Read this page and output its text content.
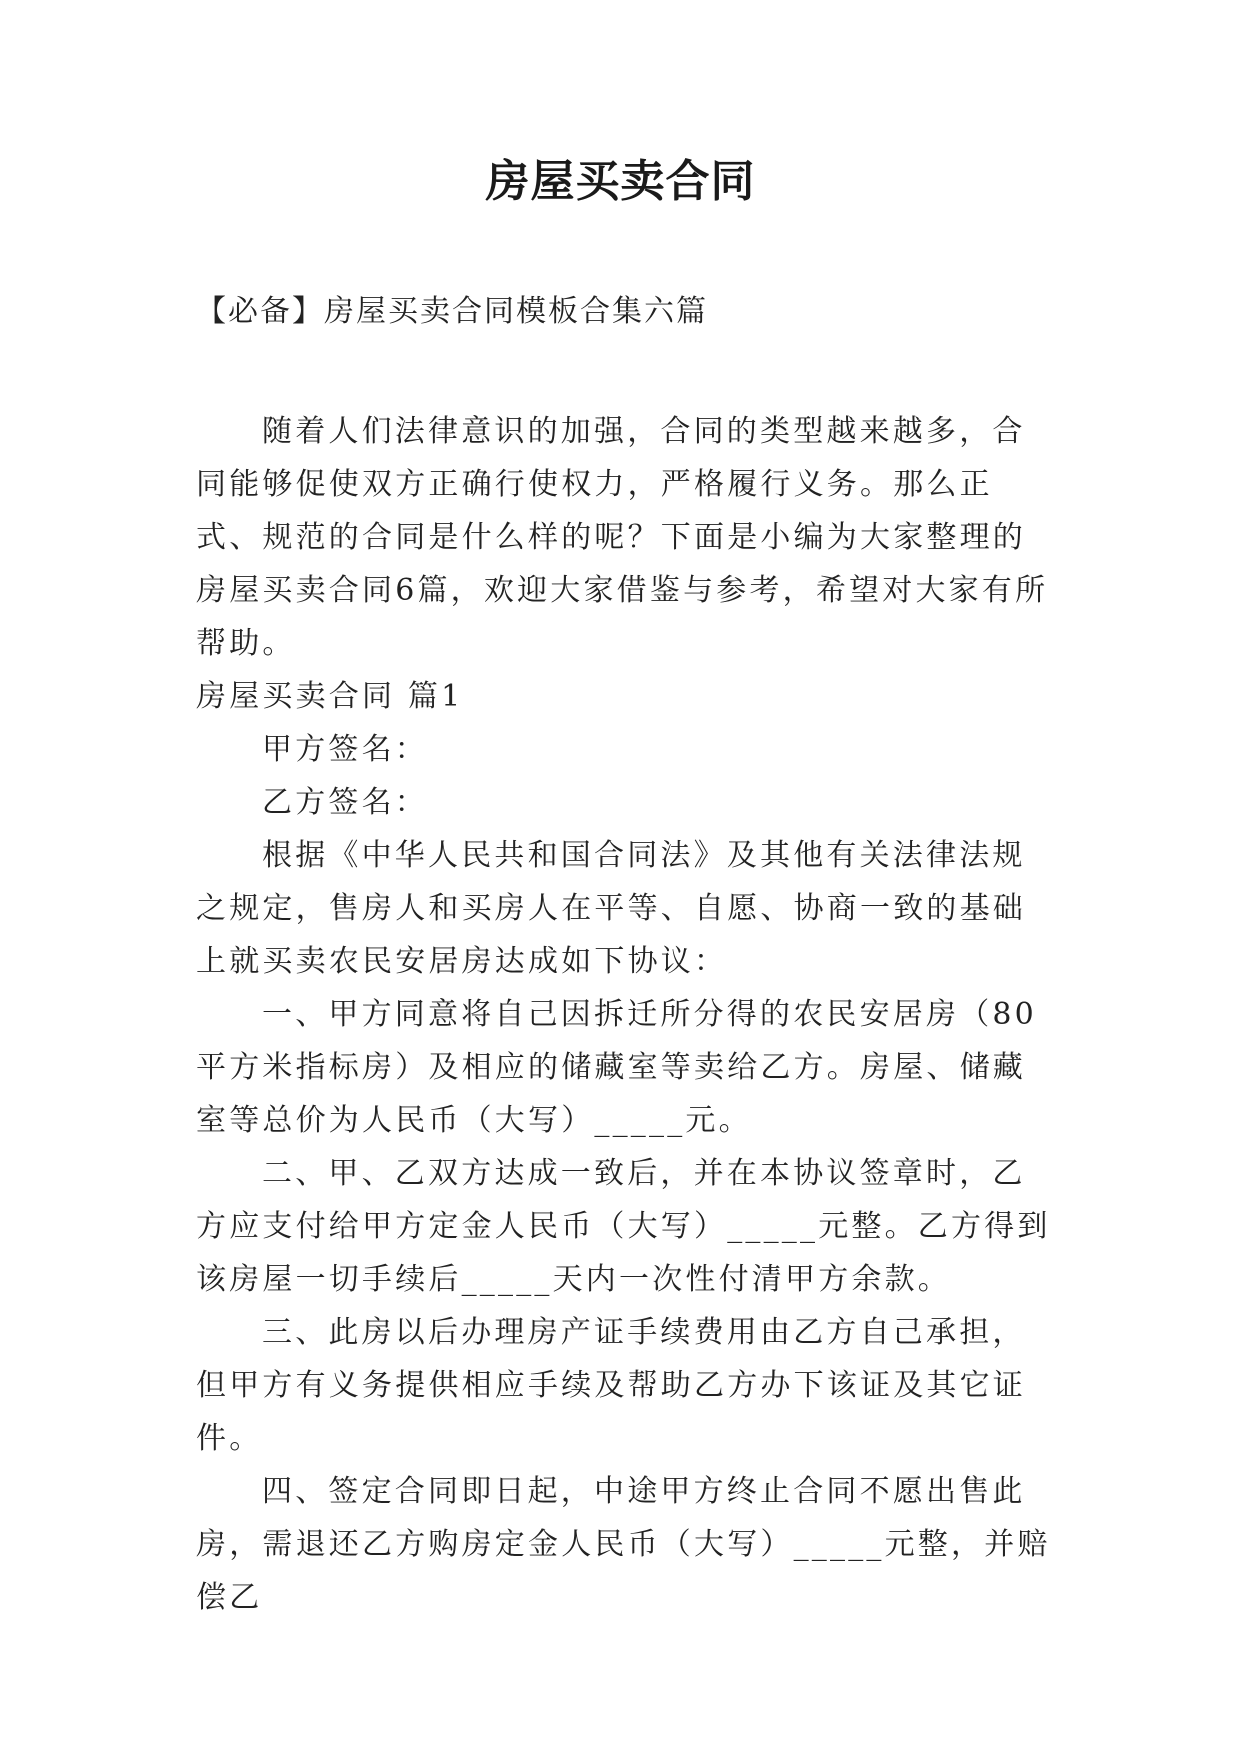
房屋买卖合同
【必备】房屋买卖合同模板合集六篇

随着人们法律意识的加强，合同的类型越来越多，合同能够促使双方正确行使权力，严格履行义务。那么正式、规范的合同是什么样的呢？下面是小编为大家整理的房屋买卖合同6篇，欢迎大家借鉴与参考，希望对大家有所帮助。

房屋买卖合同 篇1

甲方签名：

乙方签名：

根据《中华人民共和国合同法》及其他有关法律法规之规定，售房人和买房人在平等、自愿、协商一致的基础上就买卖农民安居房达成如下协议：

一、甲方同意将自己因拆迁所分得的农民安居房（80平方米指标房）及相应的储藏室等卖给乙方。房屋、储藏室等总价为人民币（大写）_____元。

二、甲、乙双方达成一致后，并在本协议签章时，乙方应支付给甲方定金人民币（大写）_____元整。乙方得到该房屋一切手续后_____天内一次性付清甲方余款。

三、此房以后办理房产证手续费用由乙方自己承担，但甲方有义务提供相应手续及帮助乙方办下该证及其它证件。

四、签定合同即日起，中途甲方终止合同不愿出售此房，需退还乙方购房定金人民币（大写）_____元整，并赔偿乙
